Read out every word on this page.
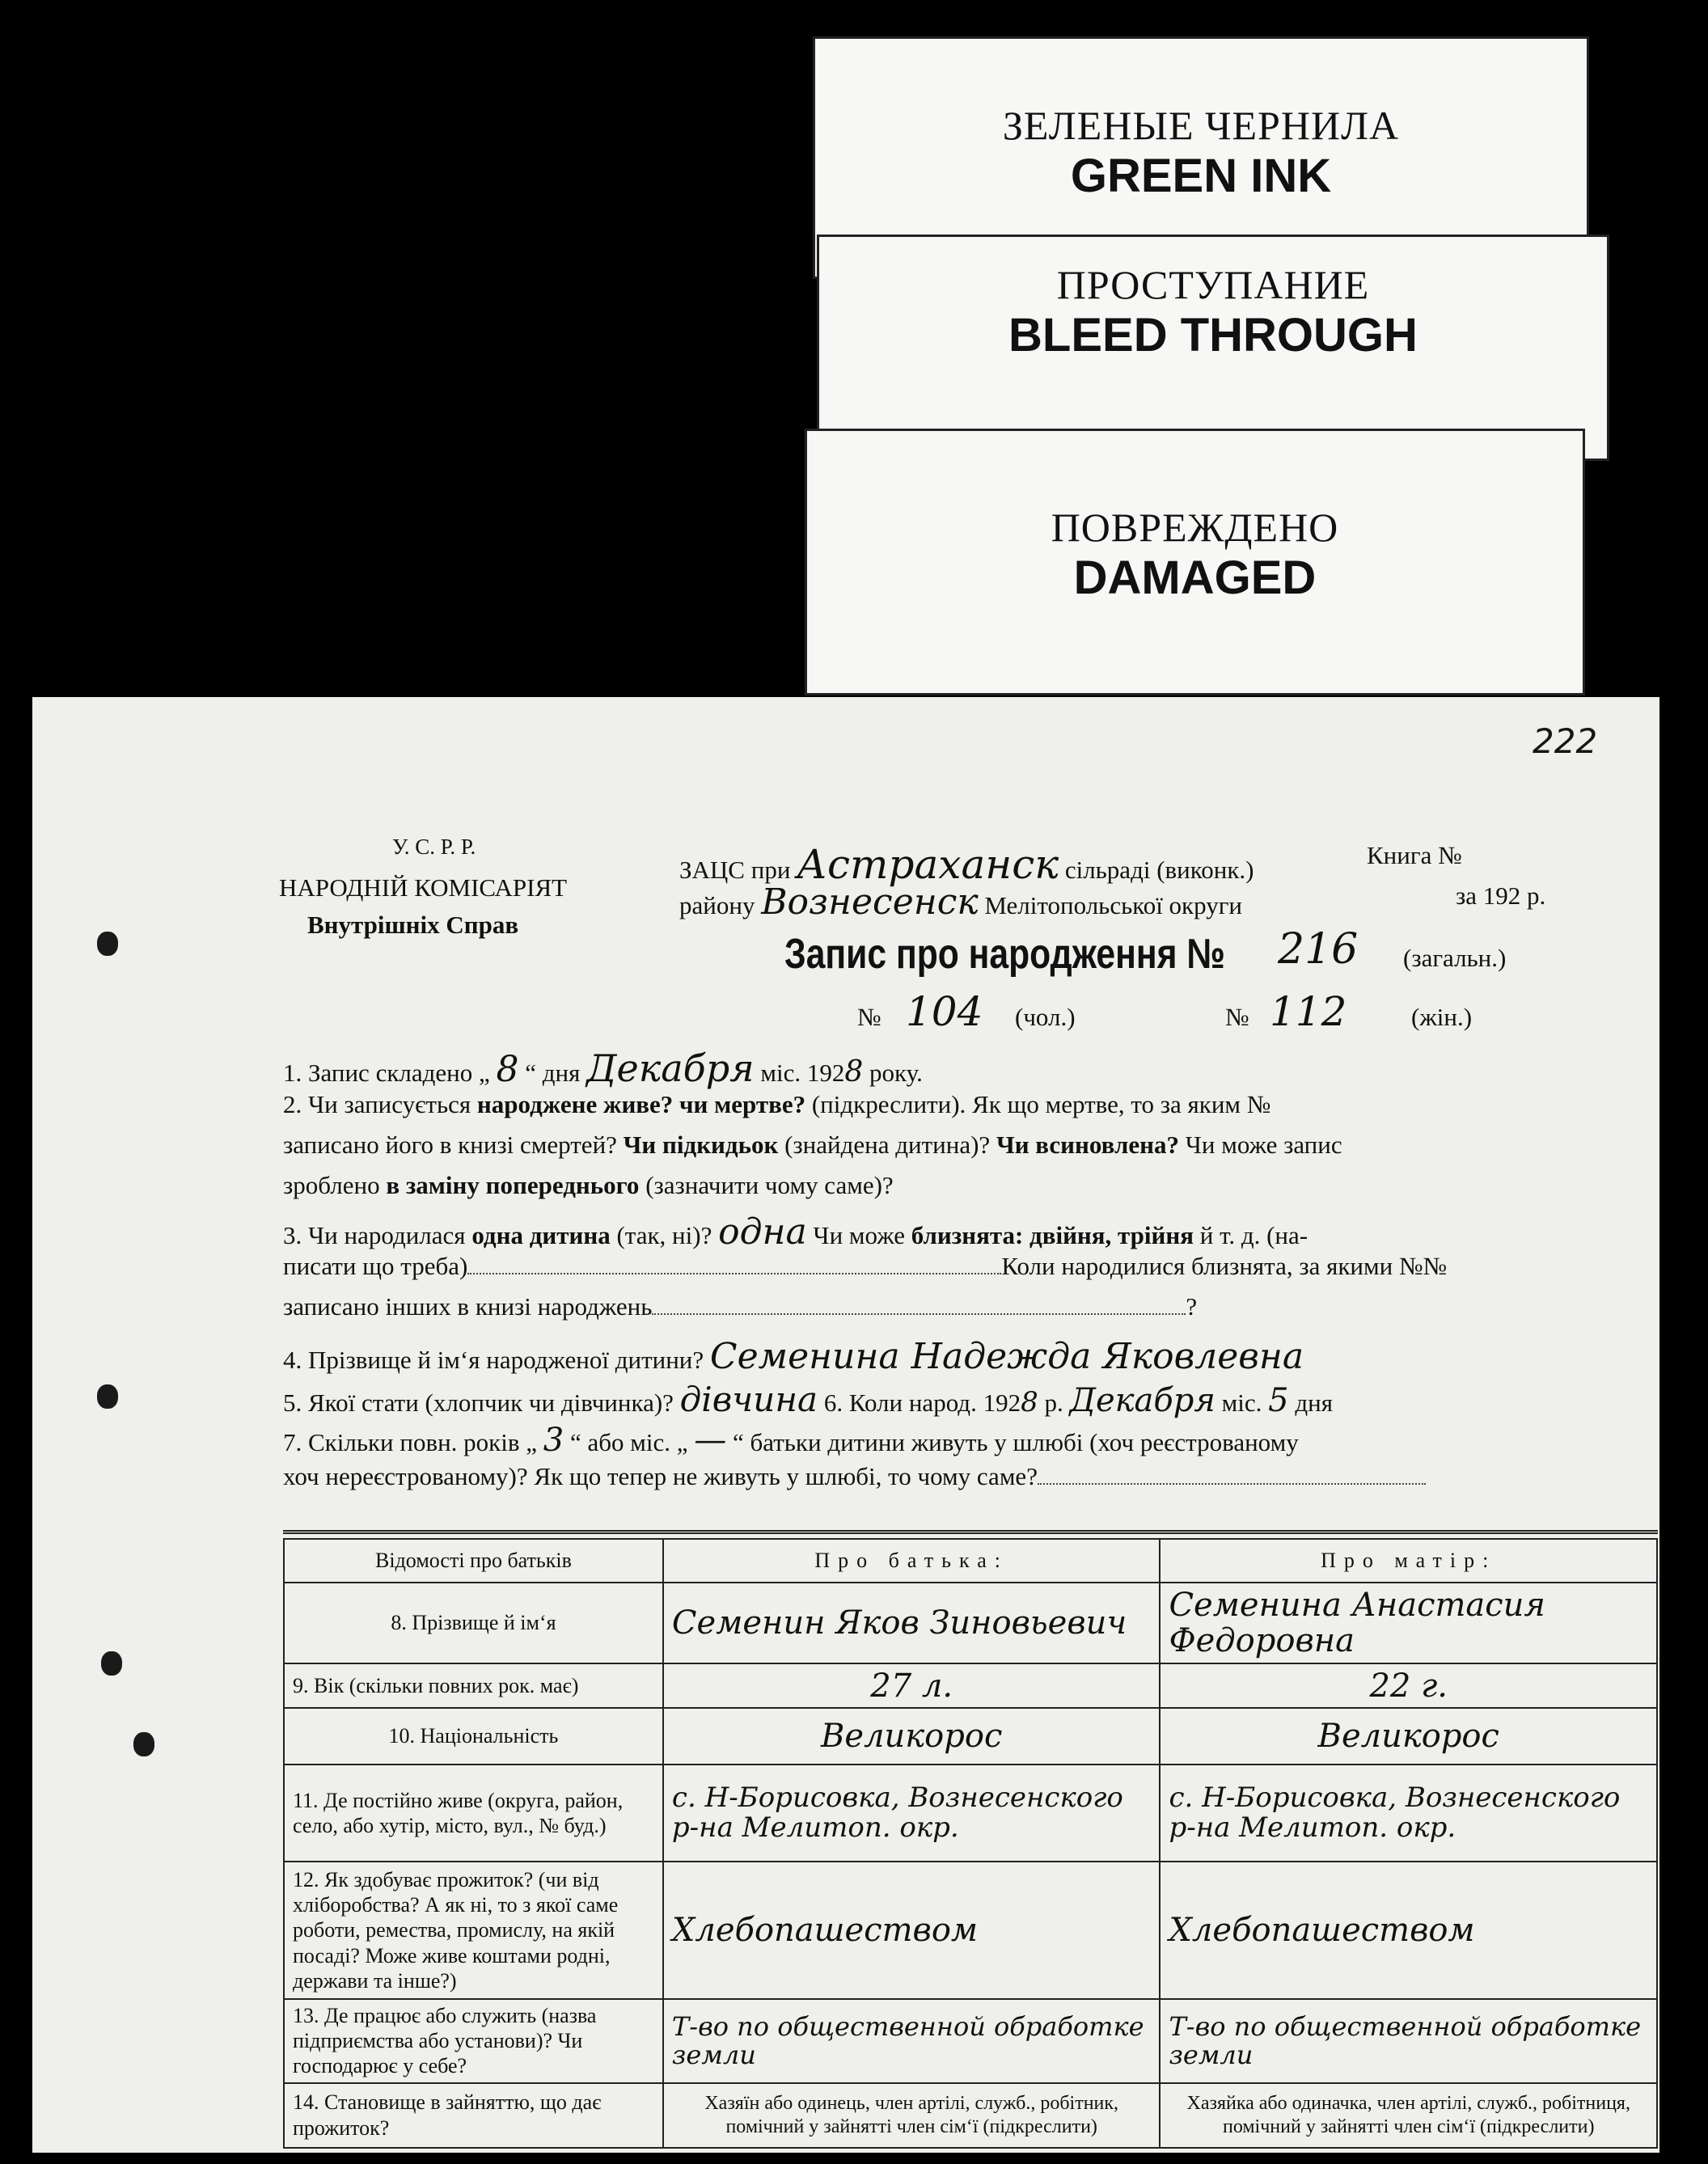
ЗЕЛЕНЫЕ ЧЕРНИЛА
GREEN INK
ПРОСТУПАНИЕ
BLEED THROUGH
ПОВРЕЖДЕНО
DAMAGED
222
У. С. Р. Р.
НАРОДНІЙ КОМІСАРІЯТ
Внутрішніх Справ
ЗАЦС при Астраханск сільраді (виконк.)
Книга №
району Вознесенск Мелітопольської округи	за 192 р.
Запис про народження № 216 (загальн.)
№ 104 (чол.)	№ 112	(жін.)
1. Запис складено „ 8 “ дня Декабря міс. 1928 року.
2. Чи записується народжене живе? чи мертве? (підкреслити). Як що мертве, то за яким №
записано його в книзі смертей? Чи підкидьок (знайдена дитина)? Чи всиновлена? Чи може запис
зроблено в заміну попереднього (зазначити чому саме)?
3. Чи народилася одна дитина (так, ні)? одна Чи може близнята: двійня, трійня й т. д. (на-
писати що треба)	Коли народилися близнята, за якими №№
записано інших в книзі народжень	?
4. Прізвище й ім‘я народженої дитини? Семенина Надежда Яковлевна
5. Якої стати (хлопчик чи дівчинка)? дівчина 6. Коли народ. 1928 р. Декабря міс. 5 дня
7. Скільки повн. років „ 3 “ або міс. „ — “ батьки дитини живуть у шлюбі (хоч реєстрованому
хоч нереєстрованому)? Як що тепер не живуть у шлюбі, то чому саме?
Відомості про батьків	Про батька:	Про матір:
8. Прізвище й ім‘я	Семенин Яков Зиновьевич	Семенина Анастасия Федоровна
9. Вік (скільки повних рок. має)	27 л.	22 г.
10. Національність	Великорос	Великорос
11. Де постійно живе (округа, район, село, або хутір, місто, вул., № буд.)	с. Н-Борисовка, Вознесенского р-на Мелитоп. окр.	с. Н-Борисовка, Вознесенского р-на Мелитоп. окр.
12. Як здобуває прожиток? (чи від хліборобства? А як ні, то з якої саме роботи, ремества, промислу, на якій посаді? Може живе коштами родні, держави та інше?)	Хлебопашеством	Хлебопашеством
13. Де працює або служить (назва підприємства або установи)? Чи господарює у себе?	Т-во по общественной обработке земли	Т-во по общественной обработке земли
14. Становище в зайняттю, що дає прожиток?	Хазяїн або одинець, член артілі, служб., робітник, помічний у зайнятті член сім‘ї (підкреслити)	Хазяйка або одиначка, член артілі, служб., робітниця, помічний у зайнятті член сім‘ї (підкреслити)
